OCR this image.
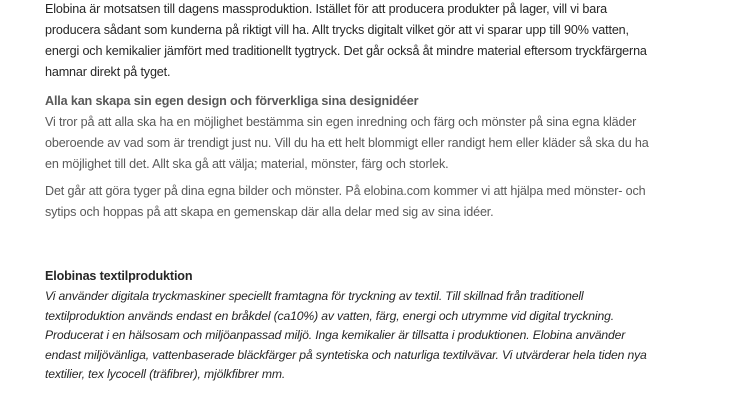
Elobina är motsatsen till dagens massproduktion. Istället för att producera produkter på lager, vill vi bara
producera sådant som kunderna på riktigt vill ha. Allt trycks digitalt vilket gör att vi sparar upp till 90% vatten,
energi och kemikalier jämfört med traditionellt tygtryck. Det går också åt mindre material eftersom tryckfärgerna
hamnar direkt på tyget.

Alla kan skapa sin egen design och förverkliga sina designidéer

Vi tror på att alla ska ha en möjlighet bestämma sin egen inredning och färg och mönster på sina egna kläder
oberoende av vad som är trendigt just nu. Vill du ha ett helt blommigt eller randigt hem eller kläder så ska du ha
en möjlighet till det. Allt ska gå att välja; material, mönster, färg och storlek.

Det går att göra tyger på dina egna bilder och mönster. På elobina.com kommer vi att hjälpa med mönster- och
sytips och hoppas på att skapa en gemenskap där alla delar med sig av sina idéer.

Elobinas textilproduktion

Vi använder digitala tryckmaskiner speciellt framtagna för tryckning av textil. Till skillnad från traditionell
textilproduktion används endast en bråkdel (ca10%) av vatten, färg, energi och utrymme vid digital tryckning.
Producerat i en hälsosam och miljöanpassad miljö. Inga kemikalier är tillsatta i produktionen. Elobina använder
endast miljövänliga, vattenbaserade bläckfärger på syntetiska och naturliga textilvävar. Vi utvärderar hela tiden nya
textilier, tex lycocell (träfibrer), mjölkfibrer mm.
